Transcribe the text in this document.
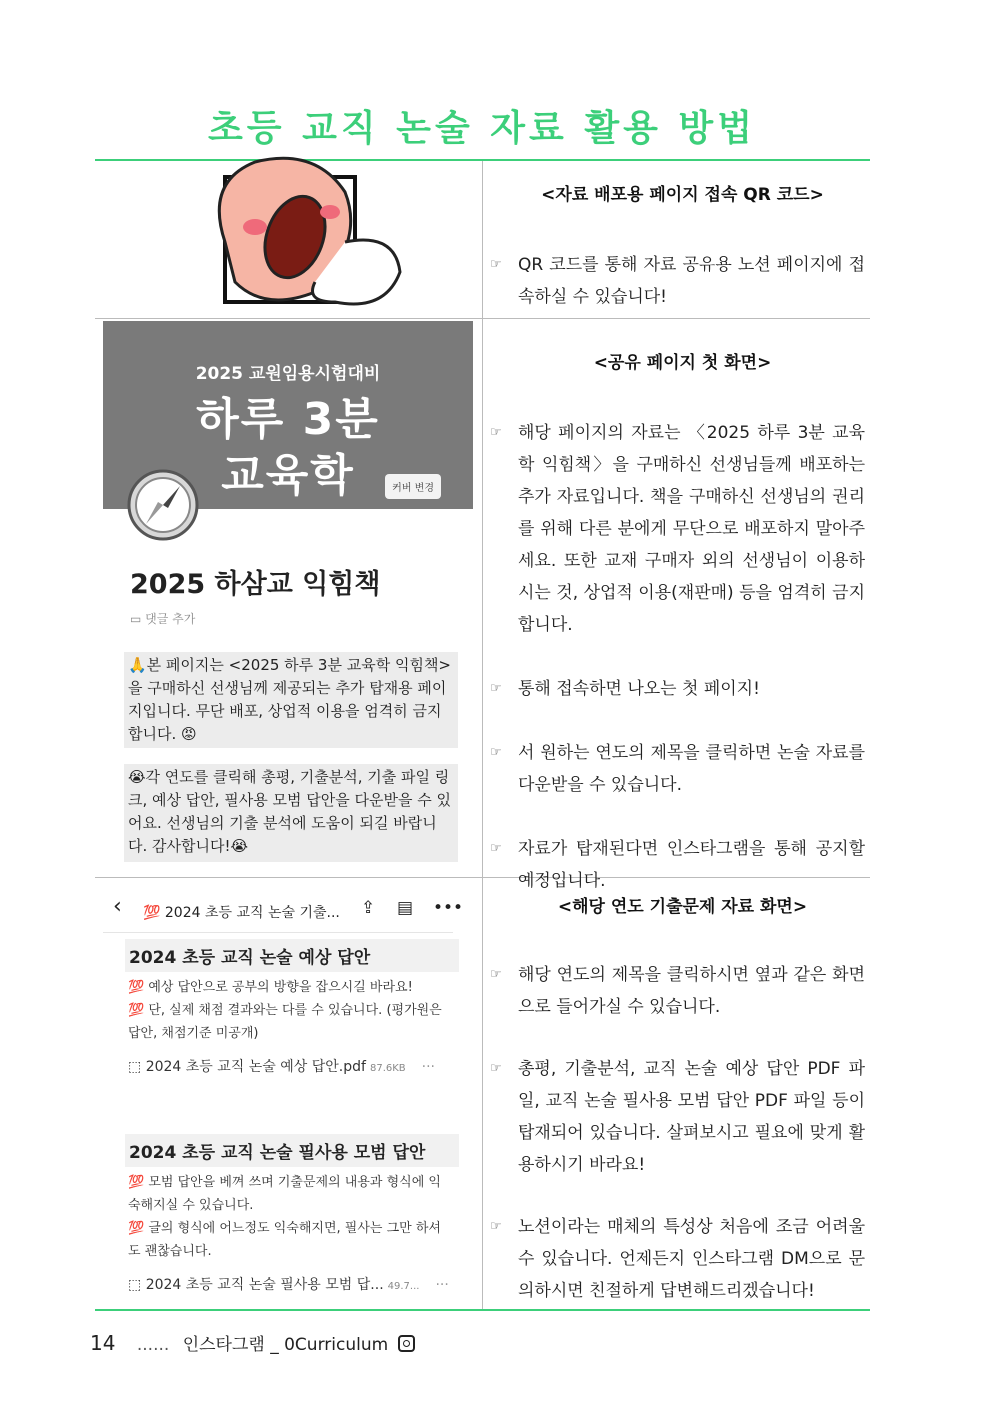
초등 교직 논술 자료 활용 방법
2025 교원임용시험대비
하루 3분
교육학	커버 변경
2025 하삼교 익힘책
▭ 댓글 추가
🙏본 페이지는 <2025 하루 3분 교육학 익힘책>을 구매하신 선생님께 제공되는 추가 탑재용 페이지입니다. 무단 배포, 상업적 이용을 엄격히 금지합니다. 😡
😭각 연도를 클릭해 총평, 기출분석, 기출 파일 링크, 예상 답안, 필사용 모범 답안을 다운받을 수 있어요. 선생님의 기출 분석에 도움이 되길 바랍니다. 감사합니다!😭
‹ 💯 2024 초등 교직 논술 기출... ⇪ ▤ •••
2024 초등 교직 논술 예상 답안
💯 예상 답안으로 공부의 방향을 잡으시길 바라요!
💯 단, 실제 채점 결과와는 다를 수 있습니다. (평가원은 답안, 채점기준 미공개)
⬚ 2024 초등 교직 논술 예상 답안.pdf 87.6KB ···
2024 초등 교직 논술 필사용 모범 답안
💯 모범 답안을 베껴 쓰며 기출문제의 내용과 형식에 익숙해지실 수 있습니다.
💯 글의 형식에 어느정도 익숙해지면, 필사는 그만 하셔도 괜찮습니다.
⬚ 2024 초등 교직 논술 필사용 모범 답... 49.7... ···
<자료 배포용 페이지 접속 QR 코드>
☞ QR 코드를 통해 자료 공유용 노션 페이지에 접속하실 수 있습니다!
<공유 페이지 첫 화면>
☞ 해당 페이지의 자료는 〈2025 하루 3분 교육학 익힘책〉을 구매하신 선생님들께 배포하는 추가 자료입니다. 책을 구매하신 선생님의 권리를 위해 다른 분에게 무단으로 배포하지 말아주세요. 또한 교재 구매자 외의 선생님이 이용하시는 것, 상업적 이용(재판매) 등을 엄격히 금지합니다.
☞ 통해 접속하면 나오는 첫 페이지!
☞ 서 원하는 연도의 제목을 클릭하면 논술 자료를 다운받을 수 있습니다.
☞ 자료가 탑재된다면 인스타그램을 통해 공지할 예정입니다.
<해당 연도 기출문제 자료 화면>
☞ 해당 연도의 제목을 클릭하시면 옆과 같은 화면으로 들어가실 수 있습니다.
☞ 총평, 기출분석, 교직 논술 예상 답안 PDF 파일, 교직 논술 필사용 모범 답안 PDF 파일 등이 탑재되어 있습니다. 살펴보시고 필요에 맞게 활용하시기 바라요!
☞ 노션이라는 매체의 특성상 처음에 조금 어려울 수 있습니다. 언제든지 인스타그램 DM으로 문의하시면 친절하게 답변해드리겠습니다!
14 ...... 인스타그램 _ 0Curriculum
